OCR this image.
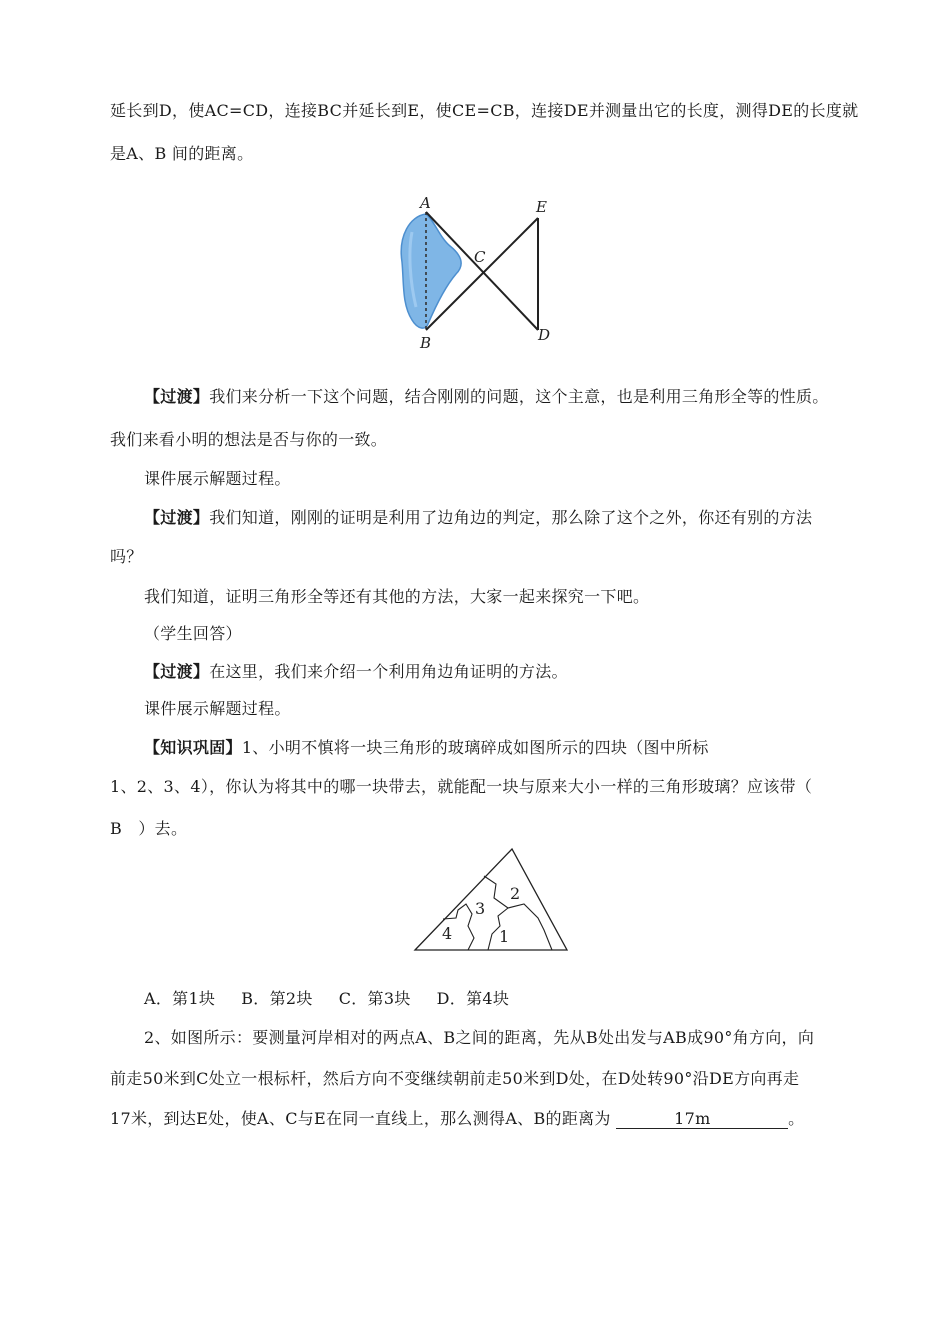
延长到D，使AC=CD，连接BC并延长到E，使CE=CB，连接DE并测量出它的长度，测得DE的长度就
是A、B 间的距离。
A
B
C
D
E
【过渡】我们来分析一下这个问题，结合刚刚的问题，这个主意，也是利用三角形全等的性质。
我们来看小明的想法是否与你的一致。
课件展示解题过程。
【过渡】我们知道，刚刚的证明是利用了边角边的判定，那么除了这个之外，你还有别的方法
吗？
我们知道，证明三角形全等还有其他的方法，大家一起来探究一下吧。
（学生回答）
【过渡】在这里，我们来介绍一个利用角边角证明的方法。
课件展示解题过程。
【知识巩固】1、小明不慎将一块三角形的玻璃碎成如图所示的四块（图中所标
1、2、3、4），你认为将其中的哪一块带去，就能配一块与原来大小一样的三角形玻璃？应该带（
B　）去。
2
3
4	1
A．第1块 B．第2块 C．第3块 D．第4块
2、如图所示：要测量河岸相对的两点A、B之间的距离，先从B处出发与AB成90°角方向，向
前走50米到C处立一根标杆，然后方向不变继续朝前走50米到D处，在D处转90°沿DE方向再走
17米，到达E处，使A、C与E在同一直线上，那么测得A、B的距离为	17m	。
